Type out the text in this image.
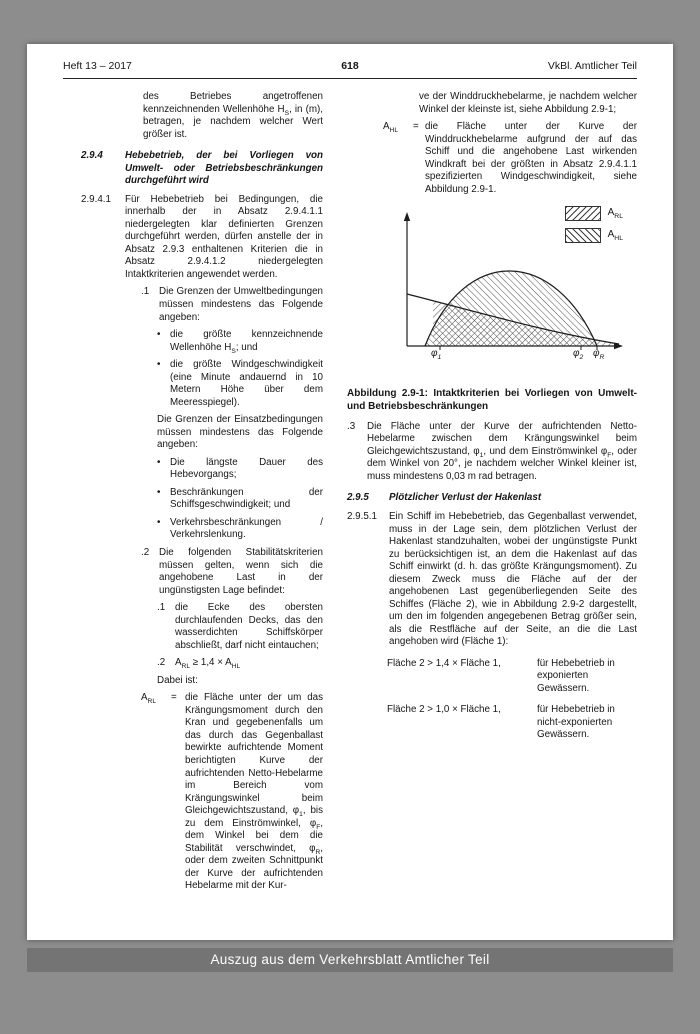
Heft 13 – 2017	618	VkBl. Amtlicher Teil
des Betriebes angetroffenen kennzeichnenden Wellenhöhe $H_S$, in (m), betragen, je nachdem welcher Wert größer ist.
2.9.4	Hebebetrieb, der bei Vorliegen von Umwelt- oder Betriebsbeschränkungen durchgeführt wird
2.9.4.1	Für Hebebetrieb bei Bedingungen, die innerhalb der in Absatz 2.9.4.1.1 niedergelegten klar definierten Grenzen durchgeführt werden, dürfen anstelle der in Absatz 2.9.3 enthaltenen Kriterien die in Absatz 2.9.4.1.2 niedergelegten Intaktkriterien angewendet werden.
.1	Die Grenzen der Umweltbedingungen müssen mindestens das Folgende angeben:
• die größte kennzeichnende Wellenhöhe $H_S$; und
• die größte Windgeschwindigkeit (eine Minute andauernd in 10 Metern Höhe über dem Meeresspiegel).
Die Grenzen der Einsatzbedingungen müssen mindestens das Folgende angeben:
• Die längste Dauer des Hebevorgangs;
• Beschränkungen der Schiffsgeschwindigkeit; und
• Verkehrsbeschränkungen / Verkehrslenkung.
.2	Die folgenden Stabilitätskriterien müssen gelten, wenn sich die angehobene Last in der ungünstigsten Lage befindet:
.1	die Ecke des obersten durchlaufenden Decks, das den wasserdichten Schiffskörper abschließt, darf nicht eintauchen;
.2	$A_{RL} \ge 1,4 \times A_{HL}$
Dabei ist:
$A_{RL}$	= die Fläche unter der um das Krängungsmoment durch den Kran und gegebenenfalls um das durch das Gegenballast bewirkte aufrichtende Moment berichtigten Kurve der aufrichtenden Netto-Hebelarme im Bereich vom Krängungswinkel beim Gleichgewichtszustand, $\varphi_1$, bis zu dem Einströmwinkel, $\varphi_F$, dem Winkel bei dem die Stabilität verschwindet, $\varphi_R$, oder dem zweiten Schnittpunkt der Kurve der aufrichtenden Hebelarme mit der Kur-
ve der Winddruckhebelarme, je nachdem welcher Winkel der kleinste ist, siehe Abbildung 2.9-1;
$A_{HL}$	= die Fläche unter der Kurve der Winddruckhebelarme aufgrund der auf das Schiff und die angehobene Last wirkenden Windkraft bei der größten in Absatz 2.9.4.1.1 spezifizierten Windgeschwindigkeit, siehe Abbildung 2.9-1.
$A_{RL}$
$A_{HL}$
$\varphi_1$	$\varphi_2$ $\varphi_R$
Abbildung 2.9-1: Intaktkriterien bei Vorliegen von Umwelt- und Betriebsbeschränkungen
.3	Die Fläche unter der Kurve der aufrichtenden Netto-Hebelarme zwischen dem Krängungswinkel beim Gleichgewichtszustand, $\varphi_1$, und dem Einströmwinkel $\varphi_F$, oder dem Winkel von 20°, je nachdem welcher Winkel kleiner ist, muss mindestens 0,03 m rad betragen.
2.9.5	Plötzlicher Verlust der Hakenlast
2.9.5.1	Ein Schiff im Hebebetrieb, das Gegenballast verwendet, muss in der Lage sein, dem plötzlichen Verlust der Hakenlast standzuhalten, wobei der ungünstigste Punkt zu berücksichtigen ist, an dem die Hakenlast auf das Schiff einwirkt (d. h. das größte Krängungsmoment). Zu diesem Zweck muss die Fläche auf der der angehobenen Last gegenüberliegenden Seite des Schiffes (Fläche 2), wie in Abbildung 2.9-2 dargestellt, um den im folgenden angegebenen Betrag größer sein, als die Restfläche auf der Seite, an die die Last angehoben wird (Fläche 1):
Fläche 2 > 1,4 × Fläche 1,	für Hebebetrieb in exponierten Gewässern.
Fläche 2 > 1,0 × Fläche 1,	für Hebebetrieb in nicht-exponierten Gewässern.
Auszug aus dem Verkehrsblatt Amtlicher Teil
